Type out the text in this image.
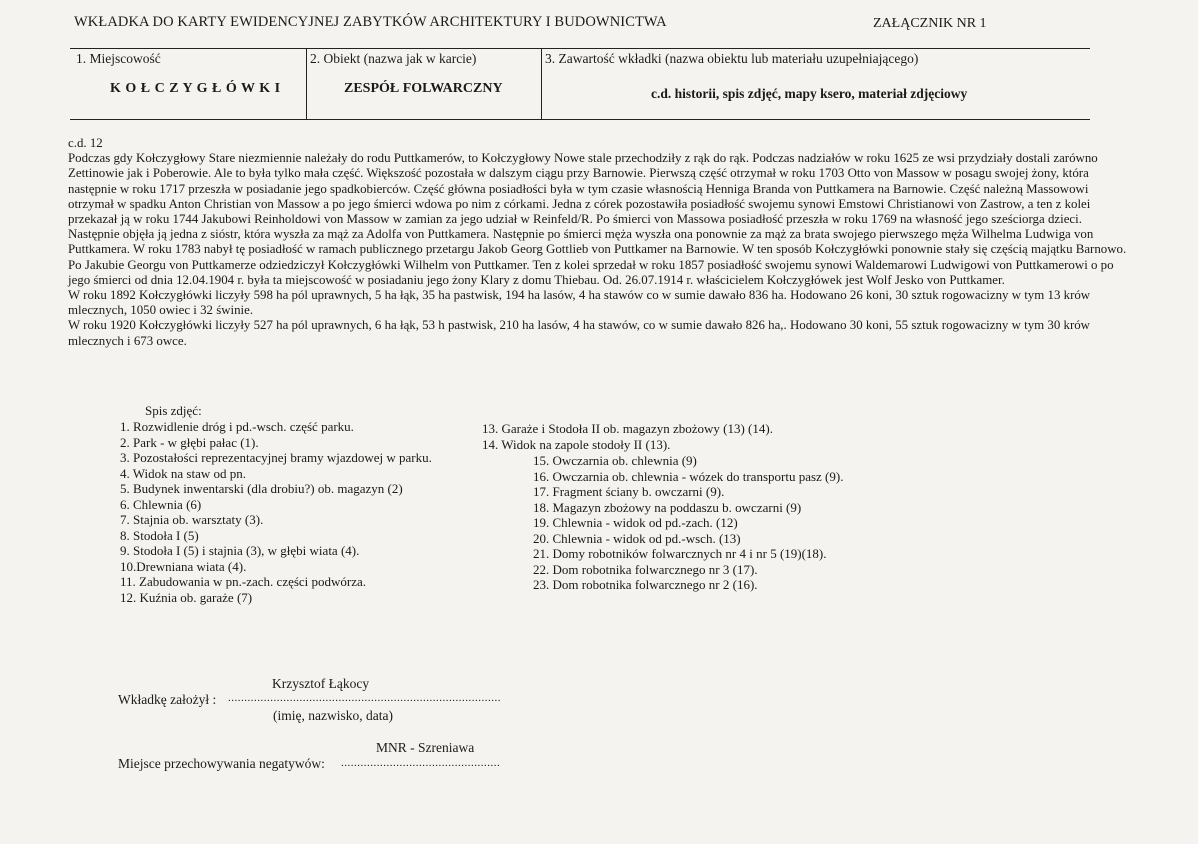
WKŁADKA DO KARTY EWIDENCYJNEJ ZABYTKÓW ARCHITEKTURY I BUDOWNICTWA	ZAŁĄCZNIK NR 1
1. Miejscowość
K O Ł C Z Y G Ł Ó W K I
2. Obiekt (nazwa jak w karcie)
ZESPÓŁ FOLWARCZNY
3. Zawartość wkładki (nazwa obiektu lub materiału uzupełniającego)
c.d. historii, spis zdjęć, mapy ksero, materiał zdjęciowy

c.d. 12

Podczas gdy Kołczygłowy Stare niezmiennie należały do rodu Puttkamerów, to Kołczygłowy Nowe stale przechodziły z rąk do rąk. Podczas nadziałów w roku 1625 ze wsi przydziały dostali zarówno Zettinowie jak i Poberowie. Ale to była tylko mała część. Większość pozostała w dalszym ciągu przy Barnowie. Pierwszą część otrzymał w roku 1703 Otto von Massow w posagu swojej żony, która następnie w roku 1717 przeszła w posiadanie jego spadkobierców. Część główna posiadłości była w tym czasie własnością Henniga Branda von Puttkamera na Barnowie. Część należną Massowowi otrzymał w spadku Anton Christian von Massow a po jego śmierci wdowa po nim z córkami. Jedna z córek pozostawiła posiadłość swojemu synowi Emstowi Christianowi von Zastrow, a ten z kolei przekazał ją w roku 1744 Jakubowi Reinholdowi von Massow w zamian za jego udział w Reinfeld/R. Po śmierci von Massowa posiadłość przeszła w roku 1769 na własność jego sześciorga dzieci. Następnie objęła ją jedna z sióstr, która wyszła za mąż za Adolfa von Puttkamera. Następnie po śmierci męża wyszła ona ponownie za mąż za brata swojego pierwszego męża Wilhelma Ludwiga von Puttkamera. W roku 1783 nabył tę posiadłość w ramach publicznego przetargu Jakob Georg Gottlieb von Puttkamer na Barnowie. W ten sposób Kołczygłówki ponownie stały się częścią majątku Barnowo. Po Jakubie Georgu von Puttkamerze odziedziczył Kołczygłówki Wilhelm von Puttkamer. Ten z kolei sprzedał w roku 1857 posiadłość swojemu synowi Waldemarowi Ludwigowi von Puttkamerowi o po jego śmierci od dnia 12.04.1904 r. była ta miejscowość w posiadaniu jego żony Klary z domu Thiebau. Od. 26.07.1914 r. właścicielem Kołczygłówek jest Wolf Jesko von Puttkamer.

W roku 1892 Kołczygłówki liczyły 598 ha pól uprawnych, 5 ha łąk, 35 ha pastwisk, 194 ha lasów, 4 ha stawów co w sumie dawało 836 ha. Hodowano 26 koni, 30 sztuk rogowacizny w tym 13 krów mlecznych, 1050 owiec i 32 świnie.

W roku 1920 Kołczygłówki liczyły 527 ha pól uprawnych, 6 ha łąk, 53 h pastwisk, 210 ha lasów, 4 ha stawów, co w sumie dawało 826 ha,. Hodowano 30 koni, 55 sztuk rogowacizny w tym 30 krów mlecznych i 673 owce.

Spis zdjęć:
1. Rozwidlenie dróg i pd.-wsch. część parku.
2. Park - w głębi pałac (1).
3. Pozostałości reprezentacyjnej bramy wjazdowej w parku.
4. Widok na staw od pn.
5. Budynek inwentarski (dla drobiu?) ob. magazyn (2)
6. Chlewnia (6)
7. Stajnia ob. warsztaty (3).
8. Stodoła I (5)
9. Stodoła I (5) i stajnia (3), w głębi wiata (4).
10.Drewniana wiata (4).
11. Zabudowania w pn.-zach. części podwórza.
12. Kuźnia ob. garaże (7)
13. Garaże i Stodoła II ob. magazyn zbożowy (13) (14).
14. Widok na zapole stodoły II (13).
15. Owczarnia ob. chlewnia (9)
16. Owczarnia ob. chlewnia - wózek do transportu pasz (9).
17. Fragment ściany b. owczarni (9).
18. Magazyn zbożowy na poddaszu b. owczarni (9)
19. Chlewnia - widok od pd.-zach. (12)
20. Chlewnia - widok od pd.-wsch. (13)
21. Domy robotników folwarcznych nr 4 i nr 5 (19)(18).
22. Dom robotnika folwarcznego nr 3 (17).
23. Dom robotnika folwarcznego nr 2 (16).
Krzysztof Łąkocy
Wkładkę założył : ....................................................................................
(imię, nazwisko, data)
MNR - Szreniawa
Miejsce przechowywania negatywów: .................................................
